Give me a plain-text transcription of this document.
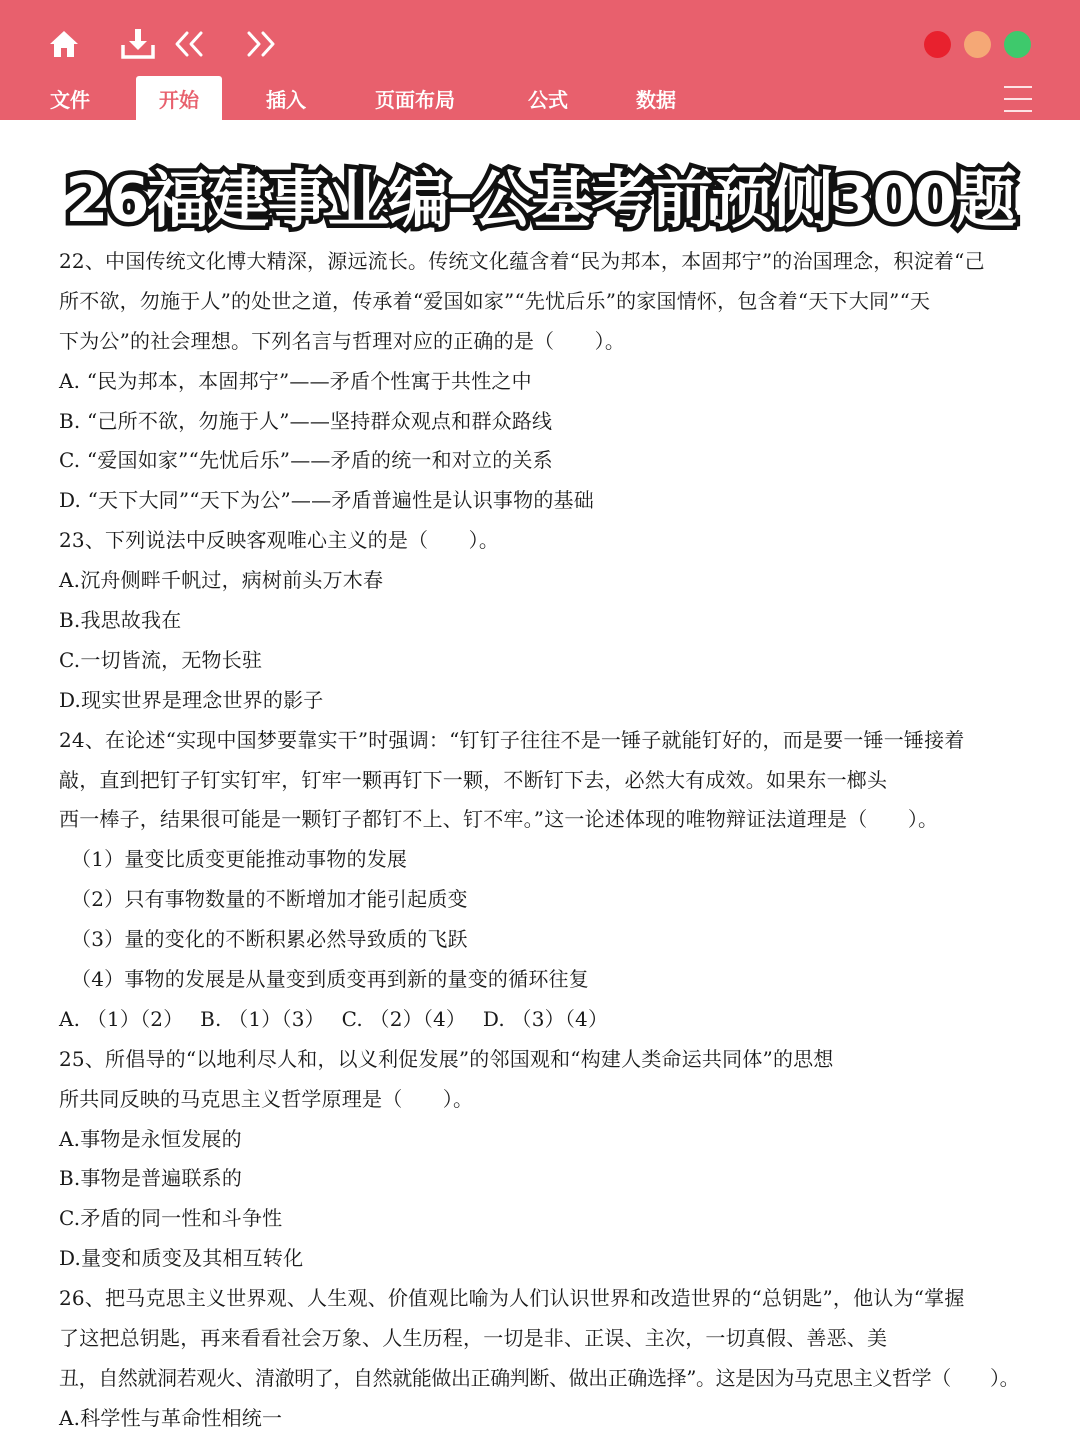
文件	开始	插入	页面布局	公式	数据
26福建事业编-公基考前预侧300题
22、中国传统文化博大精深，源远流长。传统文化蕴含着“民为邦本，本固邦宁”的治国理念，积淀着“己
所不欲，勿施于人”的处世之道，传承着“爱国如家”“先忧后乐”的家国情怀，包含着“天下大同”“天
下为公”的社会理想。下列名言与哲理对应的正确的是（　　）。
A. “民为邦本，本固邦宁”——矛盾个性寓于共性之中
B. “己所不欲，勿施于人”——坚持群众观点和群众路线
C. “爱国如家”“先忧后乐”——矛盾的统一和对立的关系
D. “天下大同”“天下为公”——矛盾普遍性是认识事物的基础
23、下列说法中反映客观唯心主义的是（　　）。
A.沉舟侧畔千帆过，病树前头万木春
B.我思故我在
C.一切皆流，无物长驻
D.现实世界是理念世界的影子
24、在论述“实现中国梦要靠实干”时强调：“钉钉子往往不是一锤子就能钉好的，而是要一锤一锤接着
敲，直到把钉子钉实钉牢，钉牢一颗再钉下一颗，不断钉下去，必然大有成效。如果东一榔头
西一棒子，结果很可能是一颗钉子都钉不上、钉不牢。”这一论述体现的唯物辩证法道理是（　　）。
（1）量变比质变更能推动事物的发展
（2）只有事物数量的不断增加才能引起质变
（3）量的变化的不断积累必然导致质的飞跃
（4）事物的发展是从量变到质变再到新的量变的循环往复
A. （1）（2）　 B. （1）（3）　 C. （2）（4）　 D. （3）（4）
25、所倡导的“以地利尽人和，以义利促发展”的邻国观和“构建人类命运共同体”的思想
所共同反映的马克思主义哲学原理是（　　）。
A.事物是永恒发展的
B.事物是普遍联系的
C.矛盾的同一性和斗争性
D.量变和质变及其相互转化
26、把马克思主义世界观、人生观、价值观比喻为人们认识世界和改造世界的“总钥匙”，他认为“掌握
了这把总钥匙，再来看看社会万象、人生历程，一切是非、正误、主次，一切真假、善恶、美
丑，自然就洞若观火、清澈明了，自然就能做出正确判断、做出正确选择”。这是因为马克思主义哲学（　　）。
A.科学性与革命性相统一
